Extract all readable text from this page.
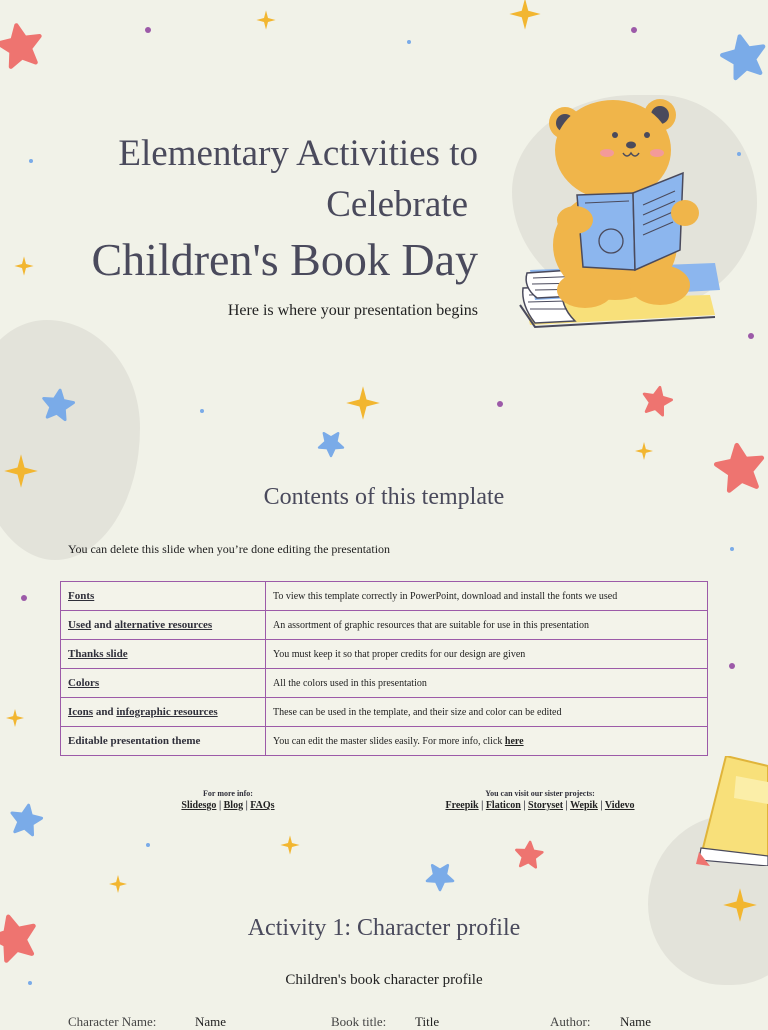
Elementary Activities to
Celebrate
Children's Book Day
Here is where your presentation begins
Contents of this template
You can delete this slide when you’re done editing the presentation
Fonts	To view this template correctly in PowerPoint, download and install the fonts we used
Used and alternative resources	An assortment of graphic resources that are suitable for use in this presentation
Thanks slide	You must keep it so that proper credits for our design are given
Colors	All the colors used in this presentation
Icons and infographic resources	These can be used in the template, and their size and color can be edited
Editable presentation theme	You can edit the master slides easily. For more info, click here
For more info:
Slidesgo | Blog | FAQs
You can visit our sister projects:
Freepik | Flaticon | Storyset | Wepik | Videvo
Activity 1: Character profile
Children's book character profile
Character Name:	Name	Book title: Title	Author: Name
